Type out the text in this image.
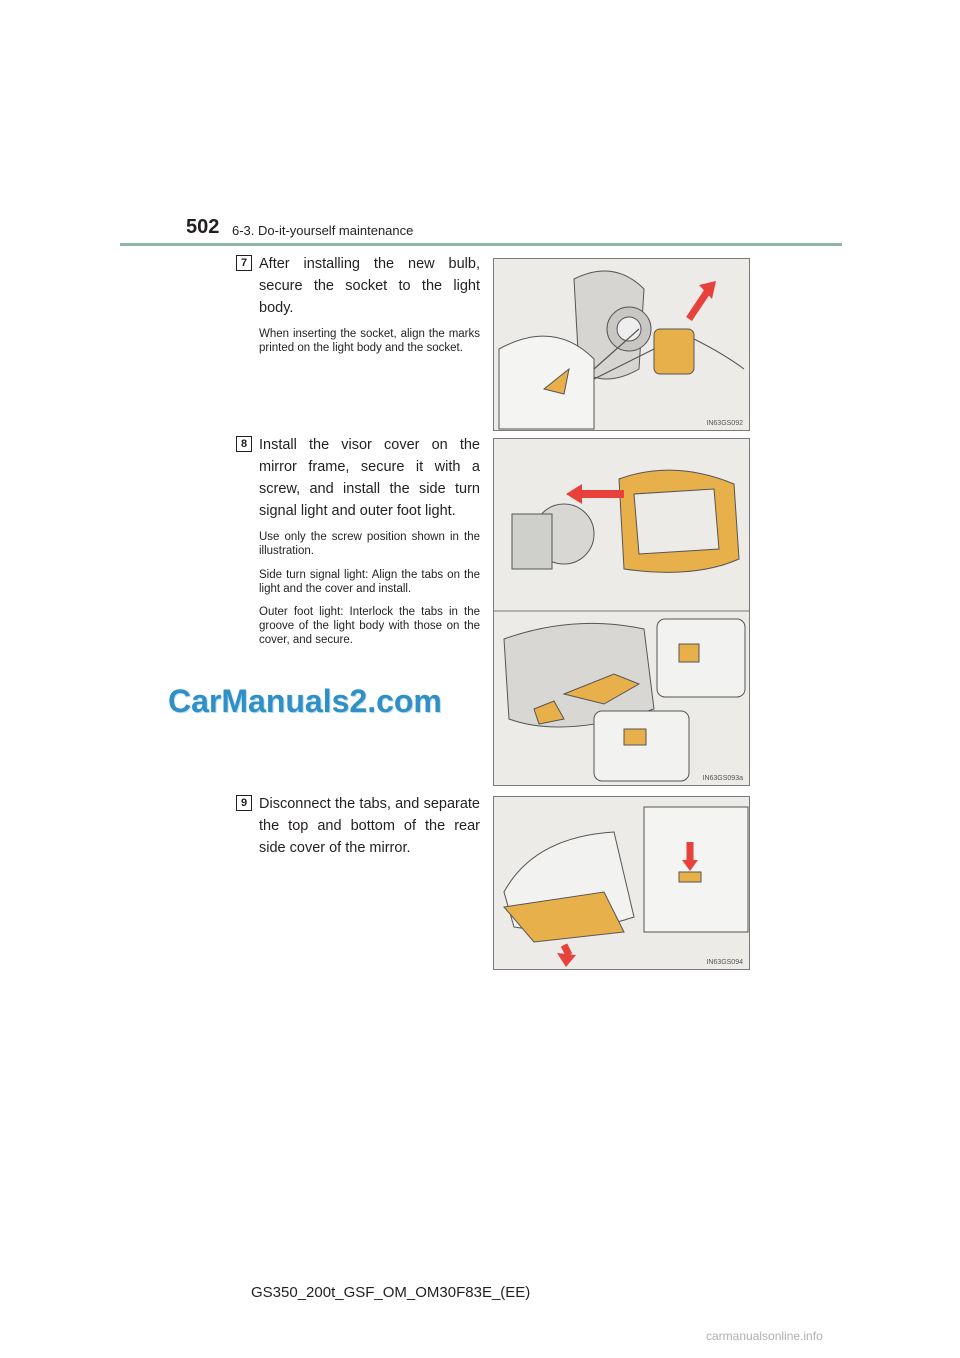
502 6-3. Do-it-yourself maintenance
7 After installing the new bulb, secure the socket to the light body.

When inserting the socket, align the marks printed on the light body and the socket.

IN63GS092
8 Install the visor cover on the mirror frame, secure it with a screw, and install the side turn signal light and outer foot light.

Use only the screw position shown in the illustration.

Side turn signal light: Align the tabs on the light and the cover and install.

Outer foot light: Interlock the tabs in the groove of the light body with those on the cover, and secure.

IN63GS093a
9 Disconnect the tabs, and separate the top and bottom of the rear side cover of the mirror.
IN63GS094
CarManuals2.com
GS350_200t_GSF_OM_OM30F83E_(EE)
carmanualsonline.info
